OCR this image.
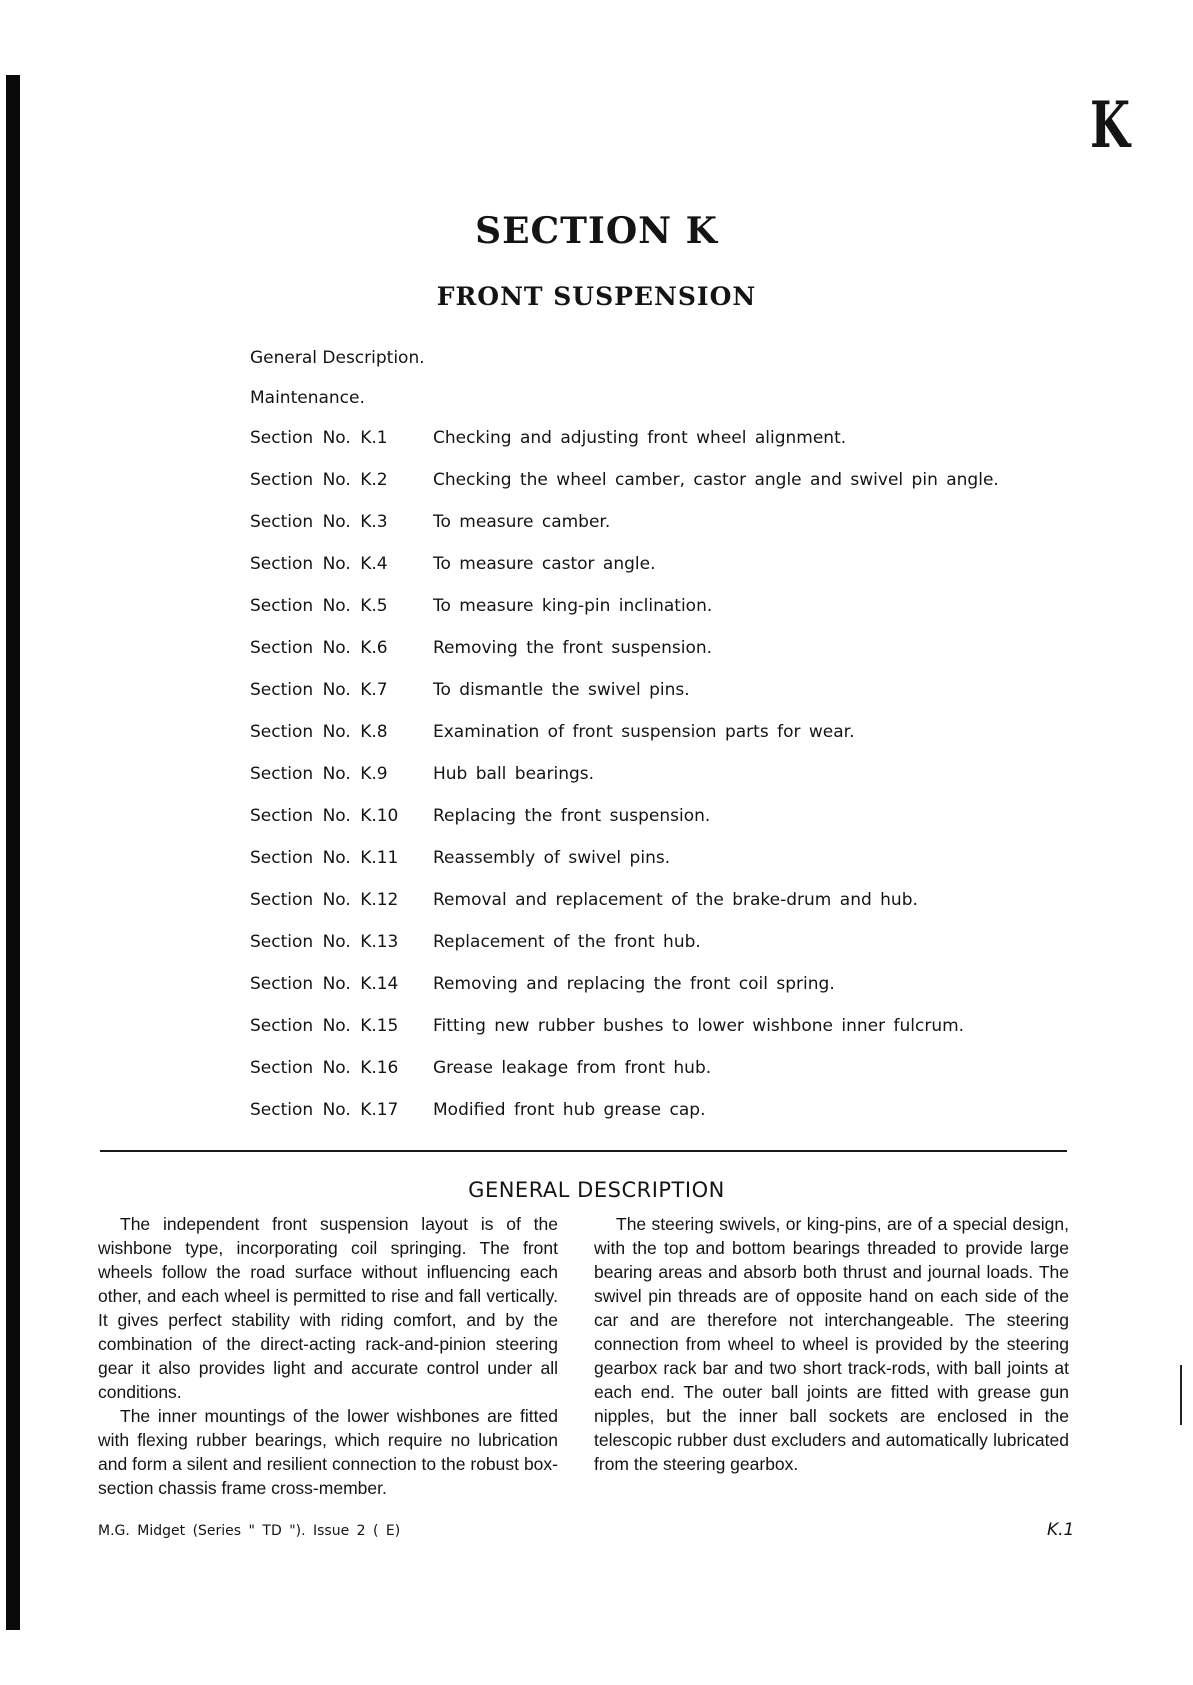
K
SECTION K
FRONT SUSPENSION
General Description.
Maintenance.
Section No. K.1	Checking and adjusting front wheel alignment.
Section No. K.2	Checking the wheel camber, castor angle and swivel pin angle.
Section No. K.3	To measure camber.
Section No. K.4	To measure castor angle.
Section No. K.5	To measure king-pin inclination.
Section No. K.6	Removing the front suspension.
Section No. K.7	To dismantle the swivel pins.
Section No. K.8	Examination of front suspension parts for wear.
Section No. K.9	Hub ball bearings.
Section No. K.10	Replacing the front suspension.
Section No. K.11	Reassembly of swivel pins.
Section No. K.12	Removal and replacement of the brake-drum and hub.
Section No. K.13	Replacement of the front hub.
Section No. K.14	Removing and replacing the front coil spring.
Section No. K.15	Fitting new rubber bushes to lower wishbone inner fulcrum.
Section No. K.16	Grease leakage from front hub.
Section No. K.17	Modified front hub grease cap.
GENERAL DESCRIPTION

The independent front suspension layout is of the wishbone type, incorporating coil springing. The front wheels follow the road surface without influencing each other, and each wheel is permitted to rise and fall vertically. It gives perfect stability with riding comfort, and by the combination of the direct-acting rack-and-pinion steering gear it also provides light and accurate control under all conditions.

The inner mountings of the lower wishbones are fitted with flexing rubber bearings, which require no lubrication and form a silent and resilient connection to the robust box-section chassis frame cross-member.

The steering swivels, or king-pins, are of a special design, with the top and bottom bearings threaded to provide large bearing areas and absorb both thrust and journal loads. The swivel pin threads are of opposite hand on each side of the car and are therefore not interchangeable. The steering connection from wheel to wheel is provided by the steering gearbox rack bar and two short track-rods, with ball joints at each end. The outer ball joints are fitted with grease gun nipples, but the inner ball sockets are enclosed in the telescopic rubber dust excluders and automatically lubricated from the steering gearbox.

M.G. Midget (Series " TD "). Issue 2 ( E)	K.1
